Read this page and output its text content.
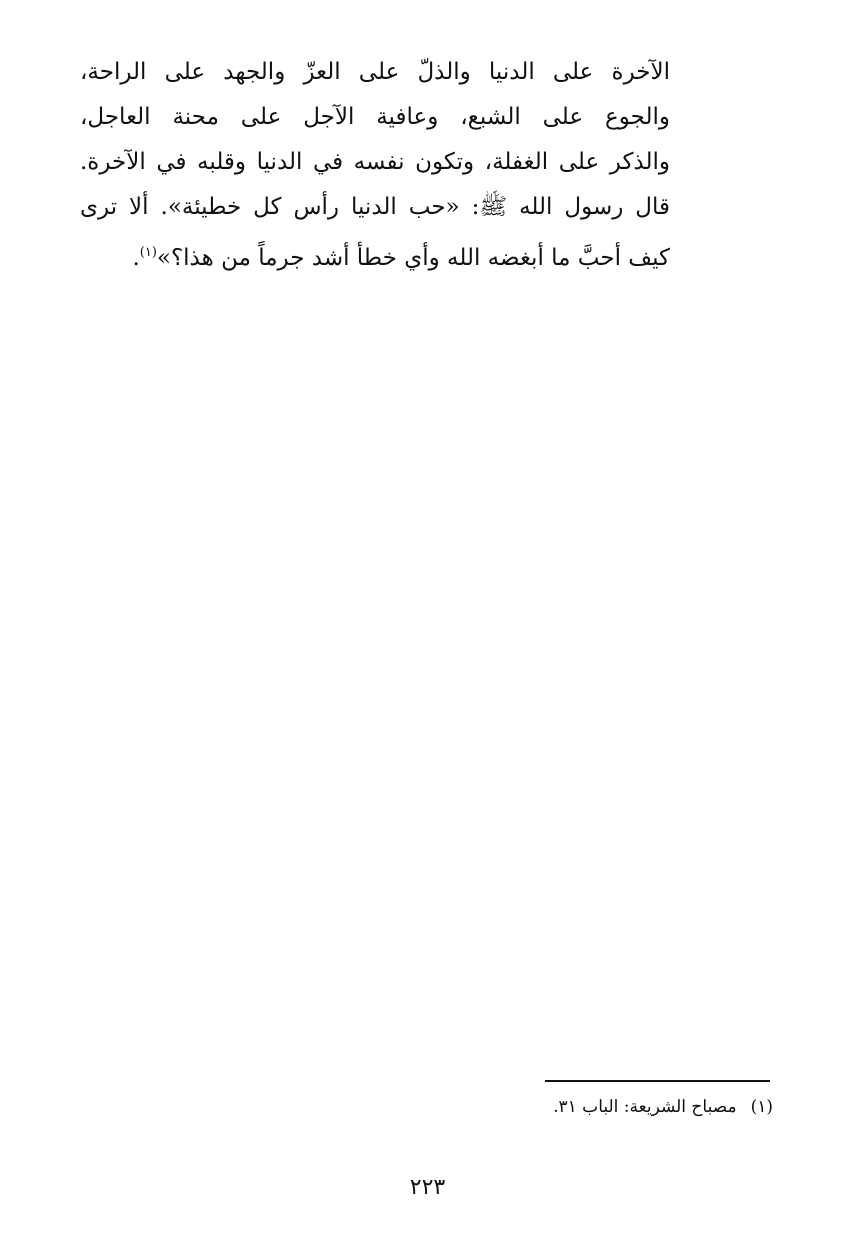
الآخرة على الدنيا والذلّ على العزّ والجهد على الراحة،
والجوع على الشبع، وعافية الآجل على محنة العاجل،
والذكر على الغفلة، وتكون نفسه في الدنيا وقلبه في الآخرة.
قال رسول الله ﷺ: «حب الدنيا رأس كل خطيئة». ألا ترى
كيف أحبَّ ما أبغضه الله وأي خطأ أشد جرماً من هذا؟»$^{(١)}$.
(١)مصباح الشريعة: الباب ٣١.
٢٢٣
